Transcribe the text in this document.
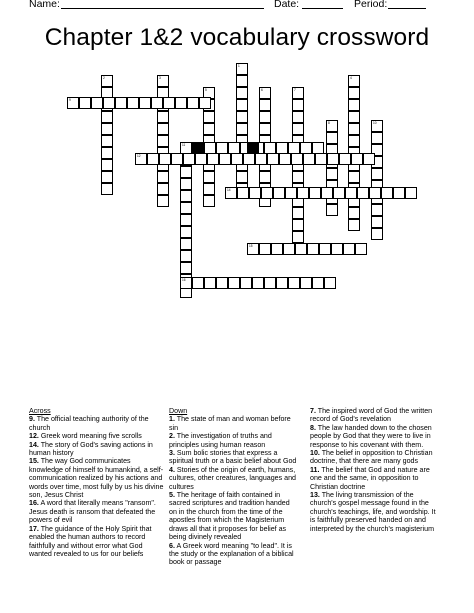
Name:	Date:	Period:
Chapter 1&2 vocabulary crossword
1
2	3	4
5	6	7
8	10
11
9
12
14
15
16
Across

9. The official teaching authority of the church

12. Greek word meaning five scrolls

14. The story of God's saving actions in human history

15. The way God communicates knowledge of himself to humankind, a self-communication realized by his actions and words over time, most fully by us his divine son, Jesus Christ

16. A word that literally means "ransom". Jesus death is ransom that defeated the powers of evil

17. The guidance of the Holy Spirit that enabled the human authors to record faithfully and without error what God wanted revealed to us for our beliefs

Down

1. The state of man and woman before sin

2. The investigation of truths and principles using human reason

3. Sum bolic stories that express a spiritual truth or a basic belief about God

4. Stories of the origin of earth, humans, cultures, other creatures, languages and cultures

5. The heritage of faith contained in sacred scriptures and tradition handed on in the church from the time of the apostles from which the Magisterium draws all that it proposes for belief as being divinely revealed

6. A Greek word meaning "to lead". It is the study or the explanation of a biblical book or passage

7. The inspired word of God the written record of God's revelation

8. The law handed down to the chosen people by God that they were to live in response to his covenant with them.

10. The belief in opposition to Christian doctrine, that there are many gods

11. The belief that God and nature are one and the same, in opposition to Christian doctrine

13. The living transmission of the church's gospel message found in the church's teachings, life, and wordship. It is faithfully preserved handed on and interpreted by the church's magisterium
